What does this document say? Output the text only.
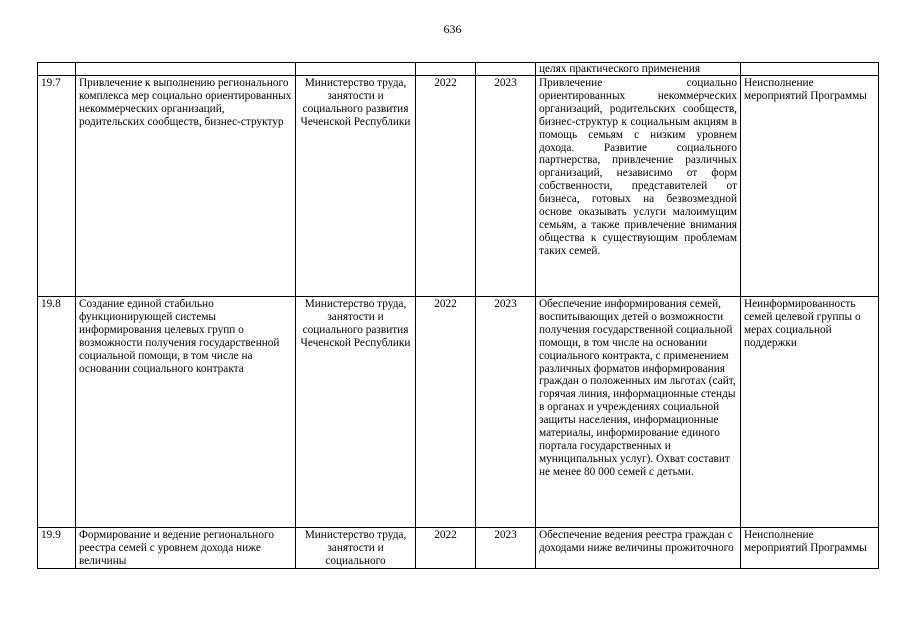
636
					целях практического применения	
19.7	Привлечение к выполнению регионального комплекса мер социально ориентированных некоммерческих организаций, родительских сообществ, бизнес-структур	Министерство труда, занятости и социального развития Чеченской Республики	2022	2023	Привлечение социально ориентированных некоммерческих организаций, родительских сообществ, бизнес-структур к социальным акциям в помощь семьям с низким уровнем дохода. Развитие социального партнерства, привлечение различных организаций, независимо от форм собственности, представителей от бизнеса, готовых на безвозмездной основе оказывать услуги малоимущим семьям, а также привлечение внимания общества к существующим проблемам таких семей.	Неисполнение мероприятий Программы
19.8	Создание единой стабильно функционирующей системы информирования целевых групп о возможности получения государственной социальной помощи, в том числе на основании социального контракта	Министерство труда, занятости и социального развития Чеченской Республики	2022	2023	Обеспечение информирования семей, воспитывающих детей о возможности получения государственной социальной помощи, в том числе на основании социального контракта, с применением различных форматов информирования граждан о положенных им льготах (сайт, горячая линия, информационные стенды в органах и учреждениях социальной защиты населения, информационные материалы, информирование единого портала государственных и муниципальных услуг). Охват составит не менее 80 000 семей с детьми.	Неинформированность семей целевой группы о мерах социальной поддержки
19.9	Формирование и ведение регионального реестра семей с уровнем дохода ниже величины	Министерство труда, занятости и социального	2022	2023	Обеспечение ведения реестра граждан с доходами ниже величины прожиточного	Неисполнение мероприятий Программы
